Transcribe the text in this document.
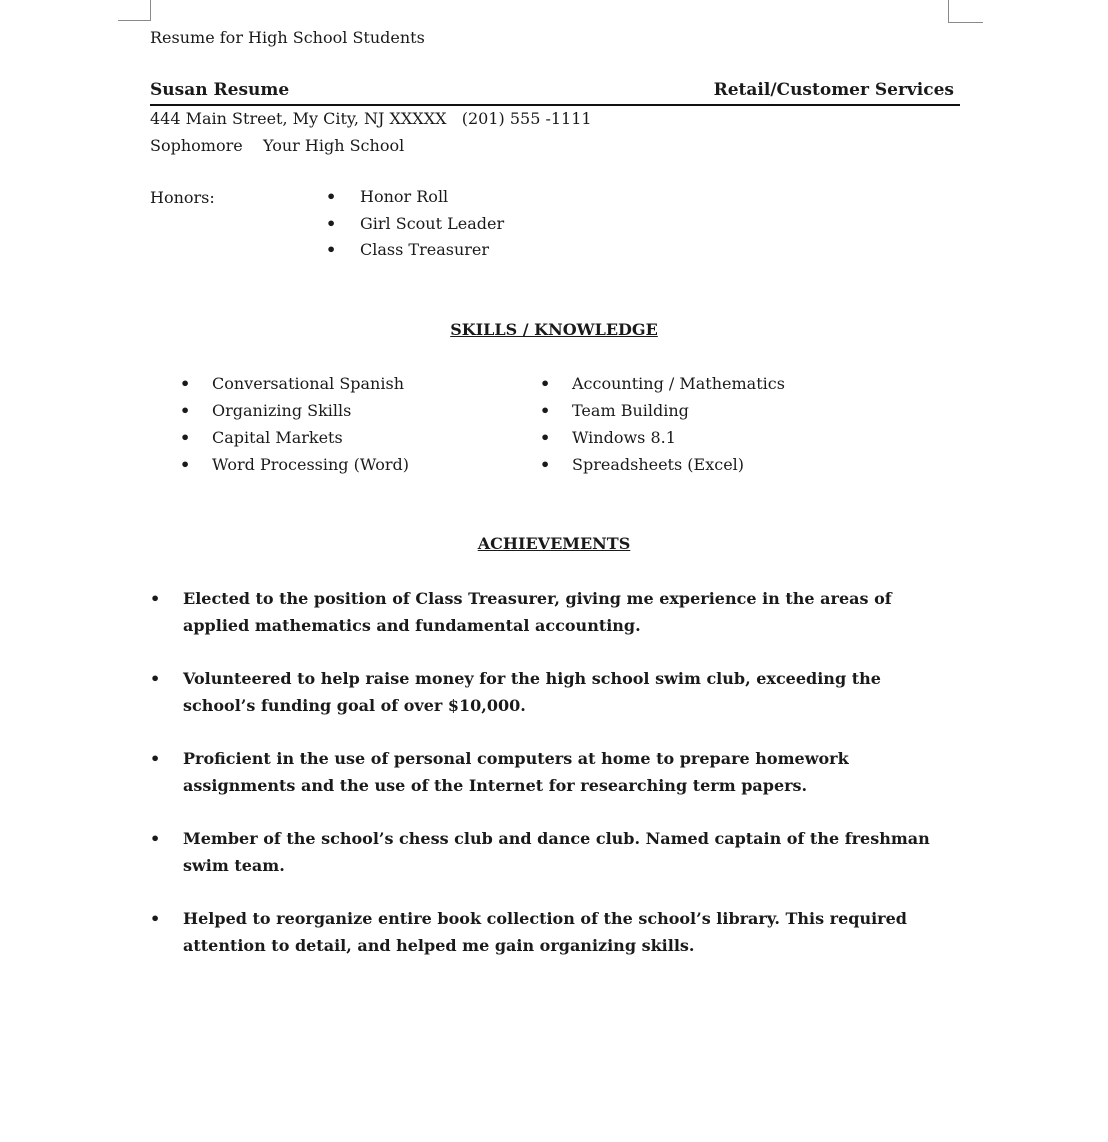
Resume for High School Students
Susan Resume	Retail/Customer Services
444 Main Street, My City, NJ XXXXX   (201) 555 -1111
Sophomore    Your High School
Honors:	• Honor Roll
• Girl Scout Leader
• Class Treasurer
SKILLS / KNOWLEDGE
• Conversational Spanish
• Organizing Skills
• Capital Markets
• Word Processing (Word)
• Accounting / Mathematics
• Team Building
• Windows 8.1
• Spreadsheets (Excel)
ACHIEVEMENTS
• Elected to the position of Class Treasurer, giving me experience in the areas of applied mathematics and fundamental accounting.
• Volunteered to help raise money for the high school swim club, exceeding the school’s funding goal of over $10,000.
• Proficient in the use of personal computers at home to prepare homework assignments and the use of the Internet for researching term papers.
• Member of the school’s chess club and dance club. Named captain of the freshman swim team.
• Helped to reorganize entire book collection of the school’s library. This required attention to detail, and helped me gain organizing skills.
